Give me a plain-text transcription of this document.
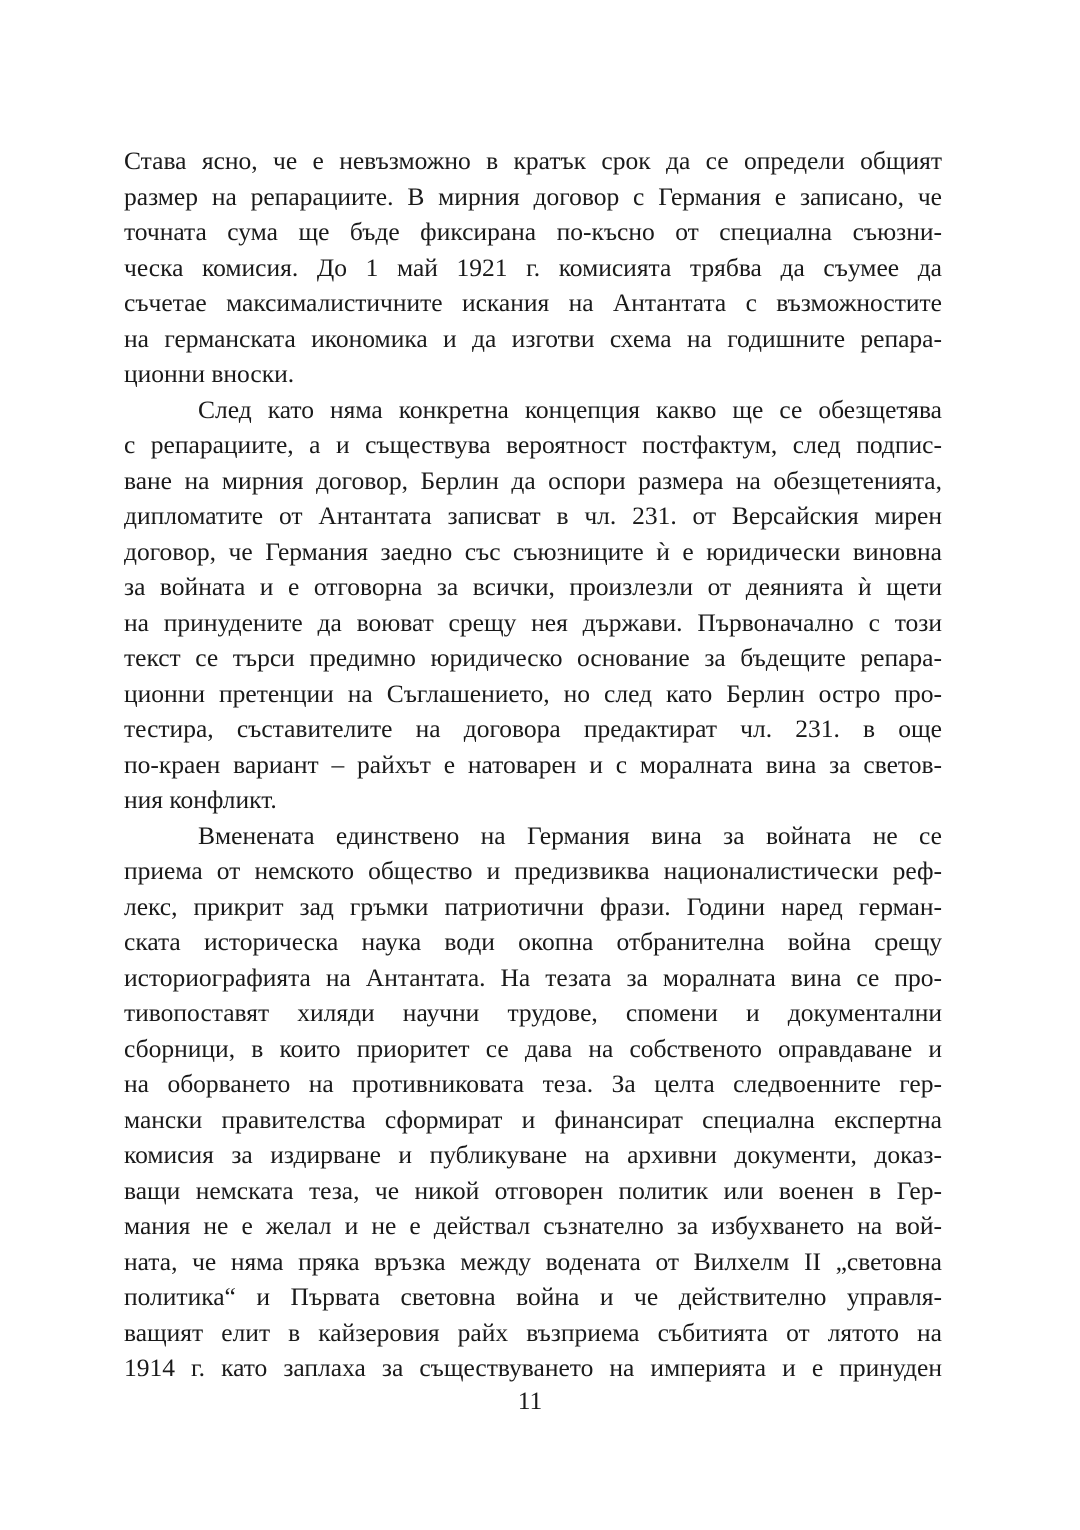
Става ясно, че е невъзможно в кратък срок да се определи общият
размер на репарациите. В мирния договор с Германия е записано, че
точната сума ще бъде фиксирана по-късно от специална съюзни-
ческа комисия. До 1 май 1921 г. комисията трябва да съумее да
съчетае максималистичните искания на Антантата с възможностите
на германската икономика и да изготви схема на годишните репара-
ционни вноски.
След като няма конкретна концепция какво ще се обезщетява
с репарациите, а и съществува вероятност постфактум, след подпис-
ване на мирния договор, Берлин да оспори размера на обезщетенията,
дипломатите от Антантата записват в чл. 231. от Версайския мирен
договор, че Германия заедно със съюзниците ѝ е юридически виновна
за войната и е отговорна за всички, произлезли от деянията ѝ щети
на принудените да воюват срещу нея държави. Първоначално с този
текст се търси предимно юридическо основание за бъдещите репара-
ционни претенции на Съглашението, но след като Берлин остро про-
тестира, съставителите на договора предактират чл. 231. в още
по-краен вариант – райхът е натоварен и с моралната вина за светов-
ния конфликт.
Вменената единствено на Германия вина за войната не се
приема от немското общество и предизвиква националистически реф-
лекс, прикрит зад гръмки патриотични фрази. Години наред герман-
ската историческа наука води окопна отбранителна война срещу
историографията на Антантата. На тезата за моралната вина се про-
тивопоставят хиляди научни трудове, спомени и документални
сборници, в които приоритет се дава на собственото оправдаване и
на оборването на противниковата теза. За целта следвоенните гер-
мански правителства сформират и финансират специална експертна
комисия за издирване и публикуване на архивни документи, доказ-
ващи немската теза, че никой отговорен политик или военен в Гер-
мания не е желал и не е действал съзнателно за избухването на вой-
ната, че няма пряка връзка между водената от Вилхелм II „световна
политика“ и Първата световна война и че действително управля-
ващият елит в кайзеровия райх възприема събитията от лятото на
1914 г. като заплаха за съществуването на империята и е принуден
11
